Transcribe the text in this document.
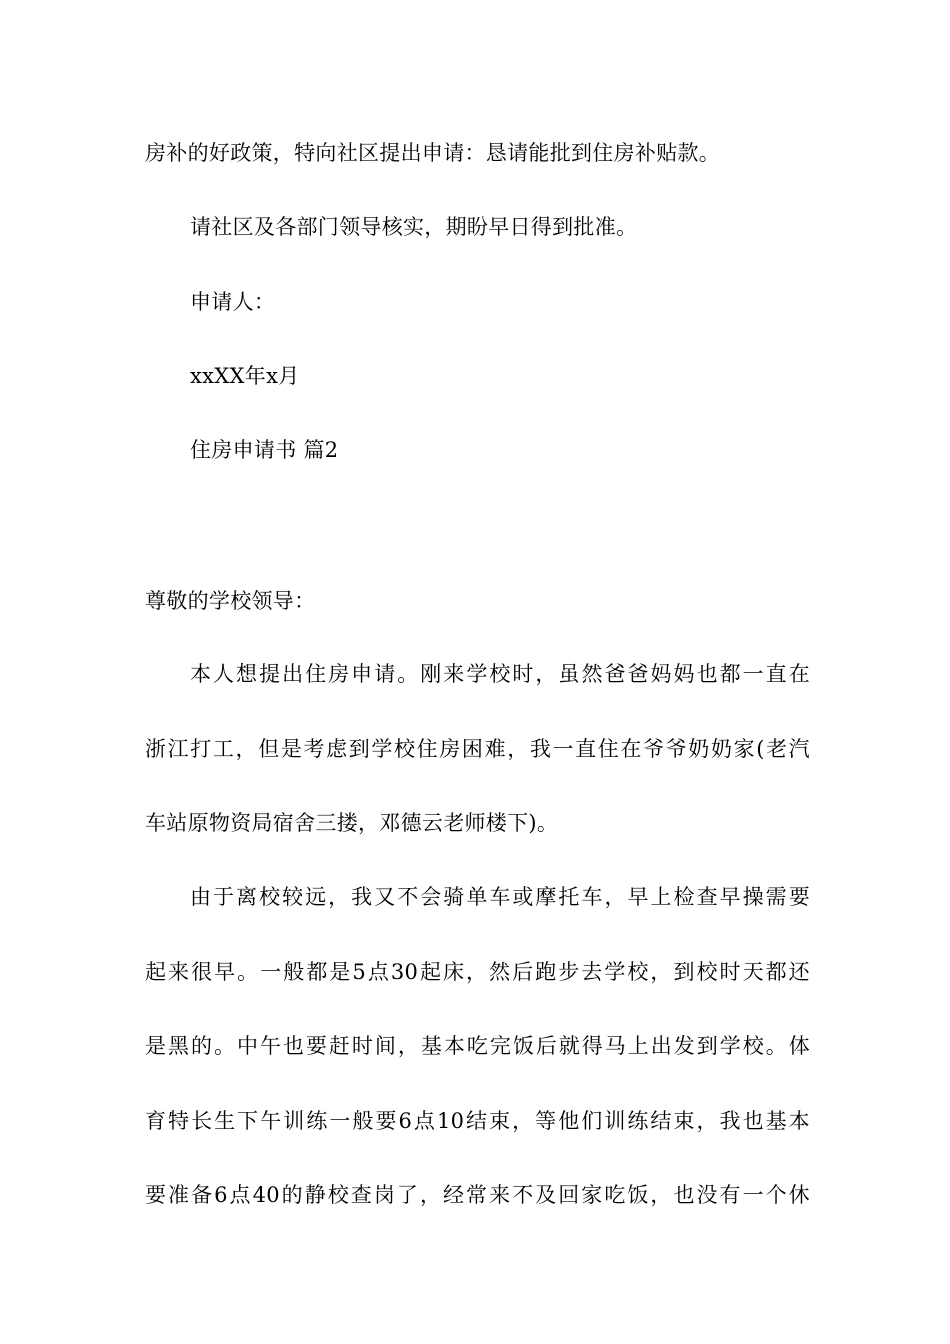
房补的好政策，特向社区提出申请：恳请能批到住房补贴款。
请社区及各部门领导核实，期盼早日得到批准。
申请人：
xxXX年x月
住房申请书 篇2
尊敬的学校领导：
本人想提出住房申请。刚来学校时，虽然爸爸妈妈也都一直在
浙江打工，但是考虑到学校住房困难，我一直住在爷爷奶奶家(老汽
车站原物资局宿舍三搂，邓德云老师楼下)。
由于离校较远，我又不会骑单车或摩托车，早上检查早操需要
起来很早。一般都是5点30起床，然后跑步去学校，到校时天都还
是黑的。中午也要赶时间，基本吃完饭后就得马上出发到学校。体
育特长生下午训练一般要6点10结束，等他们训练结束，我也基本
要准备6点40的静校查岗了，经常来不及回家吃饭，也没有一个休
